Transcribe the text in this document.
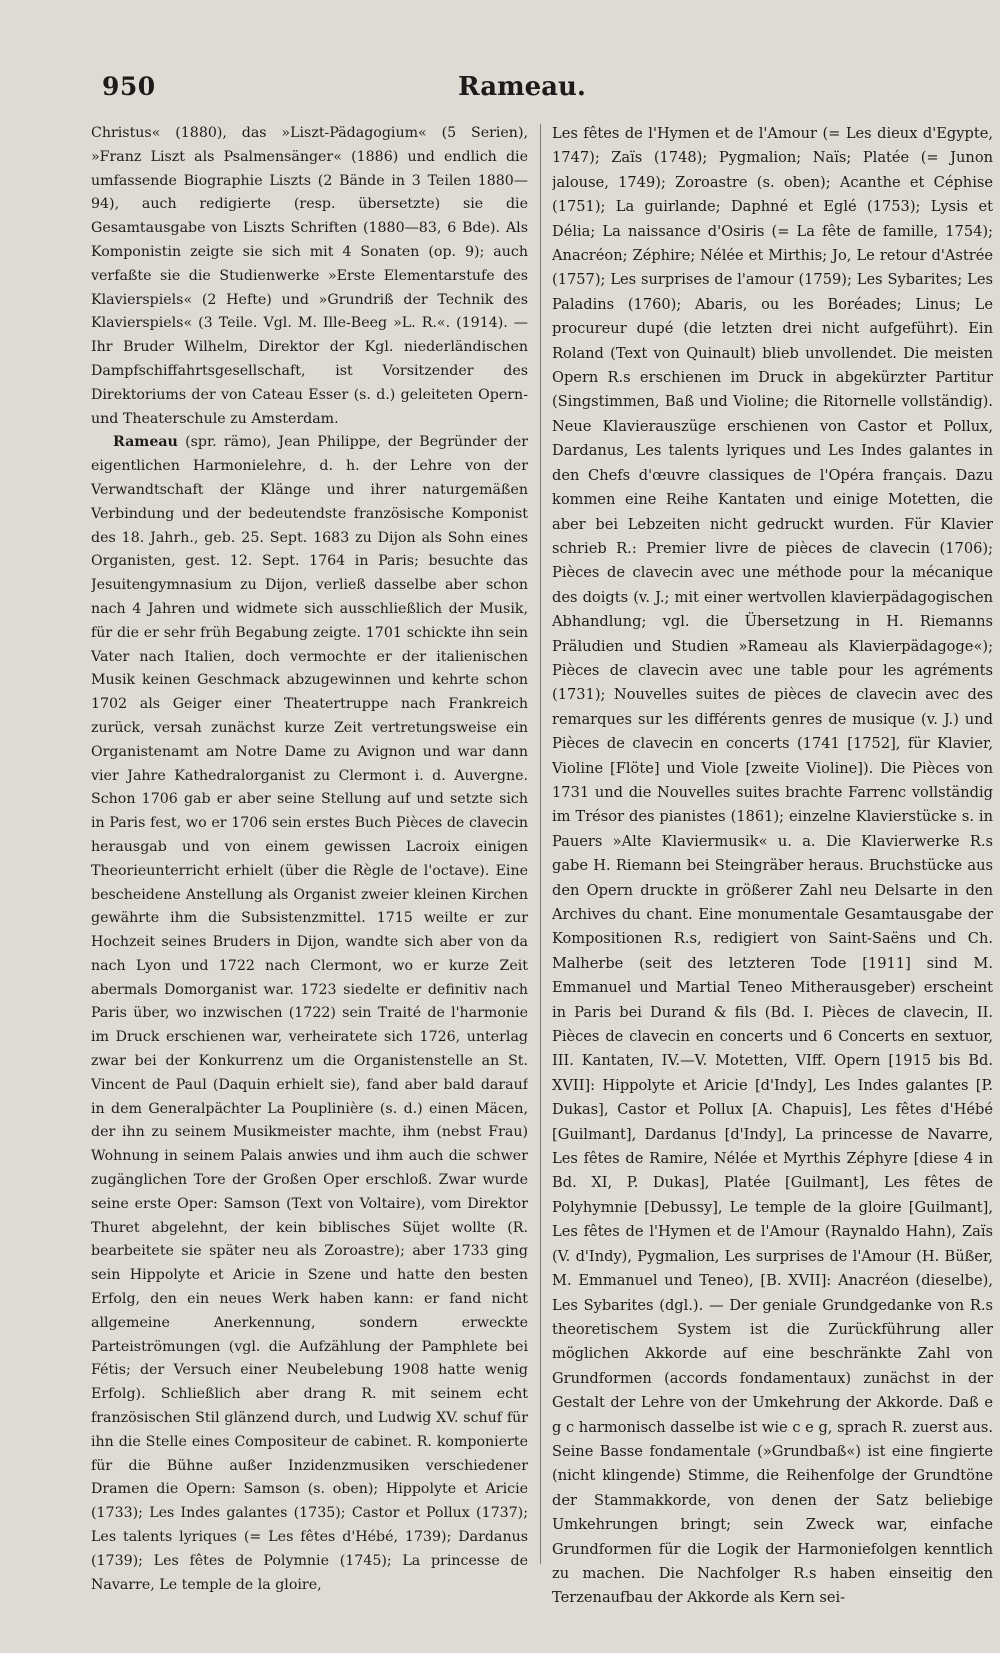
950	Rameau.

Christus« (1880), das »Liszt-Pädagogium« (5 Serien), »Franz Liszt als Psalmensänger« (1886) und endlich die umfassende Biographie Liszts (2 Bände in 3 Teilen 1880—94), auch redigierte (resp. übersetzte) sie die Gesamtausgabe von Liszts Schriften (1880—83, 6 Bde). Als Komponistin zeigte sie sich mit 4 Sonaten (op. 9); auch verfaßte sie die Studienwerke »Erste Elementarstufe des Klavierspiels« (2 Hefte) und »Grundriß der Technik des Klavierspiels« (3 Teile. Vgl. M. Ille-Beeg »L. R.«. (1914). — Ihr Bruder Wilhelm, Direktor der Kgl. niederländischen Dampfschiffahrtsgesellschaft, ist Vorsitzender des Direktoriums der von Cateau Esser (s. d.) geleiteten Opern- und Theaterschule zu Amsterdam.

Rameau (spr. rämo), Jean Philippe, der Begründer der eigentlichen Harmonielehre, d. h. der Lehre von der Verwandtschaft der Klänge und ihrer naturgemäßen Verbindung und der bedeutendste französische Komponist des 18. Jahrh., geb. 25. Sept. 1683 zu Dijon als Sohn eines Organisten, gest. 12. Sept. 1764 in Paris; besuchte das Jesuitengymnasium zu Dijon, verließ dasselbe aber schon nach 4 Jahren und widmete sich ausschließlich der Musik, für die er sehr früh Begabung zeigte. 1701 schickte ihn sein Vater nach Italien, doch vermochte er der italienischen Musik keinen Geschmack abzugewinnen und kehrte schon 1702 als Geiger einer Theatertruppe nach Frankreich zurück, versah zunächst kurze Zeit vertretungsweise ein Organistenamt am Notre Dame zu Avignon und war dann vier Jahre Kathedralorganist zu Clermont i. d. Auvergne. Schon 1706 gab er aber seine Stellung auf und setzte sich in Paris fest, wo er 1706 sein erstes Buch Pièces de clavecin herausgab und von einem gewissen Lacroix einigen Theorieunterricht erhielt (über die Règle de l'octave). Eine bescheidene Anstellung als Organist zweier kleinen Kirchen gewährte ihm die Subsistenzmittel. 1715 weilte er zur Hochzeit seines Bruders in Dijon, wandte sich aber von da nach Lyon und 1722 nach Clermont, wo er kurze Zeit abermals Domorganist war. 1723 siedelte er definitiv nach Paris über, wo inzwischen (1722) sein Traité de l'harmonie im Druck erschienen war, verheiratete sich 1726, unterlag zwar bei der Konkurrenz um die Organistenstelle an St. Vincent de Paul (Daquin erhielt sie), fand aber bald darauf in dem Generalpächter La Pouplinière (s. d.) einen Mäcen, der ihn zu seinem Musikmeister machte, ihm (nebst Frau) Wohnung in seinem Palais anwies und ihm auch die schwer zugänglichen Tore der Großen Oper erschloß. Zwar wurde seine erste Oper: Samson (Text von Voltaire), vom Direktor Thuret abgelehnt, der kein biblisches Süjet wollte (R. bearbeitete sie später neu als Zoroastre); aber 1733 ging sein Hippolyte et Aricie in Szene und hatte den besten Erfolg, den ein neues Werk haben kann: er fand nicht allgemeine Anerkennung, sondern erweckte Parteiströmungen (vgl. die Aufzählung der Pamphlete bei Fétis; der Versuch einer Neubelebung 1908 hatte wenig Erfolg). Schließlich aber drang R. mit seinem echt französischen Stil glänzend durch, und Ludwig XV. schuf für ihn die Stelle eines Compositeur de cabinet. R. komponierte für die Bühne außer Inzidenzmusiken verschiedener Dramen die Opern: Samson (s. oben); Hippolyte et Aricie (1733); Les Indes galantes (1735); Castor et Pollux (1737); Les talents lyriques (= Les fêtes d'Hébé, 1739); Dardanus (1739); Les fêtes de Polymnie (1745); La princesse de Navarre, Le temple de la gloire,

Les fêtes de l'Hymen et de l'Amour (= Les dieux d'Egypte, 1747); Zaïs (1748); Pygmalion; Naïs; Platée (= Junon jalouse, 1749); Zoroastre (s. oben); Acanthe et Céphise (1751); La guirlande; Daphné et Eglé (1753); Lysis et Délia; La naissance d'Osiris (= La fête de famille, 1754); Anacréon; Zéphire; Nélée et Mirthis; Jo, Le retour d'Astrée (1757); Les surprises de l'amour (1759); Les Sybarites; Les Paladins (1760); Abaris, ou les Boréades; Linus; Le procureur dupé (die letzten drei nicht aufgeführt). Ein Roland (Text von Quinault) blieb unvollendet. Die meisten Opern R.s erschienen im Druck in abgekürzter Partitur (Singstimmen, Baß und Violine; die Ritornelle vollständig). Neue Klavierauszüge erschienen von Castor et Pollux, Dardanus, Les talents lyriques und Les Indes galantes in den Chefs d'œuvre classiques de l'Opéra français. Dazu kommen eine Reihe Kantaten und einige Motetten, die aber bei Lebzeiten nicht gedruckt wurden. Für Klavier schrieb R.: Premier livre de pièces de clavecin (1706); Pièces de clavecin avec une méthode pour la mécanique des doigts (v. J.; mit einer wertvollen klavierpädagogischen Abhandlung; vgl. die Übersetzung in H. Riemanns Präludien und Studien »Rameau als Klavierpädagoge«); Pièces de clavecin avec une table pour les agréments (1731); Nouvelles suites de pièces de clavecin avec des remarques sur les différents genres de musique (v. J.) und Pièces de clavecin en concerts (1741 [1752], für Klavier, Violine [Flöte] und Viole [zweite Violine]). Die Pièces von 1731 und die Nouvelles suites brachte Farrenc vollständig im Trésor des pianistes (1861); einzelne Klavierstücke s. in Pauers »Alte Klaviermusik« u. a. Die Klavierwerke R.s gabe H. Riemann bei Steingräber heraus. Bruchstücke aus den Opern druckte in größerer Zahl neu Delsarte in den Archives du chant. Eine monumentale Gesamtausgabe der Kompositionen R.s, redigiert von Saint-Saëns und Ch. Malherbe (seit des letzteren Tode [1911] sind M. Emmanuel und Martial Teneo Mitherausgeber) erscheint in Paris bei Durand & fils (Bd. I. Pièces de clavecin, II. Pièces de clavecin en concerts und 6 Concerts en sextuor, III. Kantaten, IV.—V. Motetten, VIff. Opern [1915 bis Bd. XVII]: Hippolyte et Aricie [d'Indy], Les Indes galantes [P. Dukas], Castor et Pollux [A. Chapuis], Les fêtes d'Hébé [Guilmant], Dardanus [d'Indy], La princesse de Navarre, Les fêtes de Ramire, Nélée et Myrthis Zéphyre [diese 4 in Bd. XI, P. Dukas], Platée [Guilmant], Les fêtes de Polyhymnie [Debussy], Le temple de la gloire [Guilmant], Les fêtes de l'Hymen et de l'Amour (Raynaldo Hahn), Zaïs (V. d'Indy), Pygmalion, Les surprises de l'Amour (H. Büßer, M. Emmanuel und Teneo), [B. XVII]: Anacréon (dieselbe), Les Sybarites (dgl.). — Der geniale Grundgedanke von R.s theoretischem System ist die Zurückführung aller möglichen Akkorde auf eine beschränkte Zahl von Grundformen (accords fondamentaux) zunächst in der Gestalt der Lehre von der Umkehrung der Akkorde. Daß e g c harmonisch dasselbe ist wie c e g, sprach R. zuerst aus. Seine Basse fondamentale (»Grundbaß«) ist eine fingierte (nicht klingende) Stimme, die Reihenfolge der Grundtöne der Stammakkorde, von denen der Satz beliebige Umkehrungen bringt; sein Zweck war, einfache Grundformen für die Logik der Harmoniefolgen kenntlich zu machen. Die Nachfolger R.s haben einseitig den Terzenaufbau der Akkorde als Kern sei-
